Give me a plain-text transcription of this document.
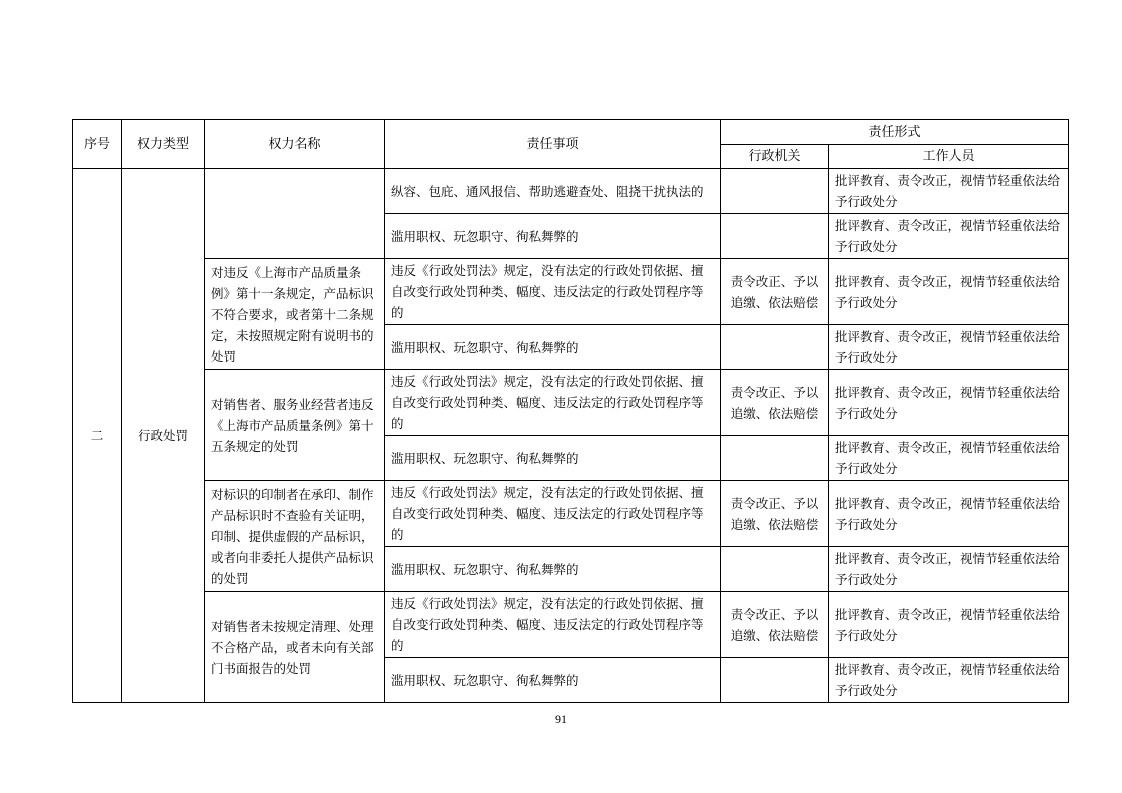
序号	权力类型	权力名称	责任事项	责任形式	
				行政机关	工作人员
二	行政处罚		纵容、包庇、通风报信、帮助逃避查处、阻挠干扰执法的		批评教育、责令改正，视情节轻重依法给予行政处分
			滥用职权、玩忽职守、徇私舞弊的		批评教育、责令改正，视情节轻重依法给予行政处分
		对违反《上海市产品质量条例》第十一条规定，产品标识不符合要求，或者第十二条规定，未按照规定附有说明书的处罚	违反《行政处罚法》规定，没有法定的行政处罚依据、擅自改变行政处罚种类、幅度、违反法定的行政处罚程序等的	责令改正、予以追缴、依法赔偿	批评教育、责令改正，视情节轻重依法给予行政处分
			滥用职权、玩忽职守、徇私舞弊的		批评教育、责令改正，视情节轻重依法给予行政处分
		对销售者、服务业经营者违反《上海市产品质量条例》第十五条规定的处罚	违反《行政处罚法》规定，没有法定的行政处罚依据、擅自改变行政处罚种类、幅度、违反法定的行政处罚程序等的	责令改正、予以追缴、依法赔偿	批评教育、责令改正，视情节轻重依法给予行政处分
			滥用职权、玩忽职守、徇私舞弊的		批评教育、责令改正，视情节轻重依法给予行政处分
		对标识的印制者在承印、制作产品标识时不查验有关证明，印制、提供虚假的产品标识，或者向非委托人提供产品标识的处罚	违反《行政处罚法》规定，没有法定的行政处罚依据、擅自改变行政处罚种类、幅度、违反法定的行政处罚程序等的	责令改正、予以追缴、依法赔偿	批评教育、责令改正，视情节轻重依法给予行政处分
			滥用职权、玩忽职守、徇私舞弊的		批评教育、责令改正，视情节轻重依法给予行政处分
		对销售者未按规定清理、处理不合格产品，或者未向有关部门书面报告的处罚	违反《行政处罚法》规定，没有法定的行政处罚依据、擅自改变行政处罚种类、幅度、违反法定的行政处罚程序等的	责令改正、予以追缴、依法赔偿	批评教育、责令改正，视情节轻重依法给予行政处分
			滥用职权、玩忽职守、徇私舞弊的		批评教育、责令改正，视情节轻重依法给予行政处分
91
